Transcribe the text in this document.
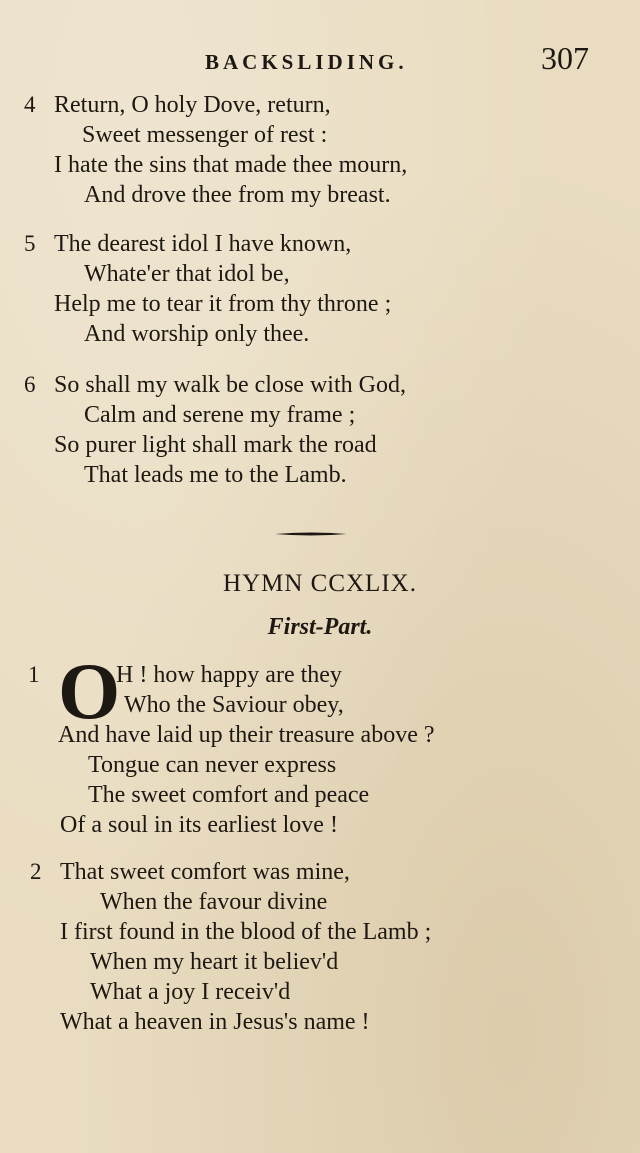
BACKSLIDING.	307
4 Return, O holy Dove, return,
Sweet messenger of rest :
I hate the sins that made thee mourn,
And drove thee from my breast.
5 The dearest idol I have known,
Whate'er that idol be,
Help me to tear it from thy throne ;
And worship only thee.
6 So shall my walk be close with God,
Calm and serene my frame ;
So purer light shall mark the road
That leads me to the Lamb.
HYMN CCXLIX.
First-Part.
1 O
H ! how happy are they
Who the Saviour obey,
And have laid up their treasure above ?
Tongue can never express
The sweet comfort and peace
Of a soul in its earliest love !
2 That sweet comfort was mine,
When the favour divine
I first found in the blood of the Lamb ;
When my heart it believ'd
What a joy I receiv'd
What a heaven in Jesus's name !
